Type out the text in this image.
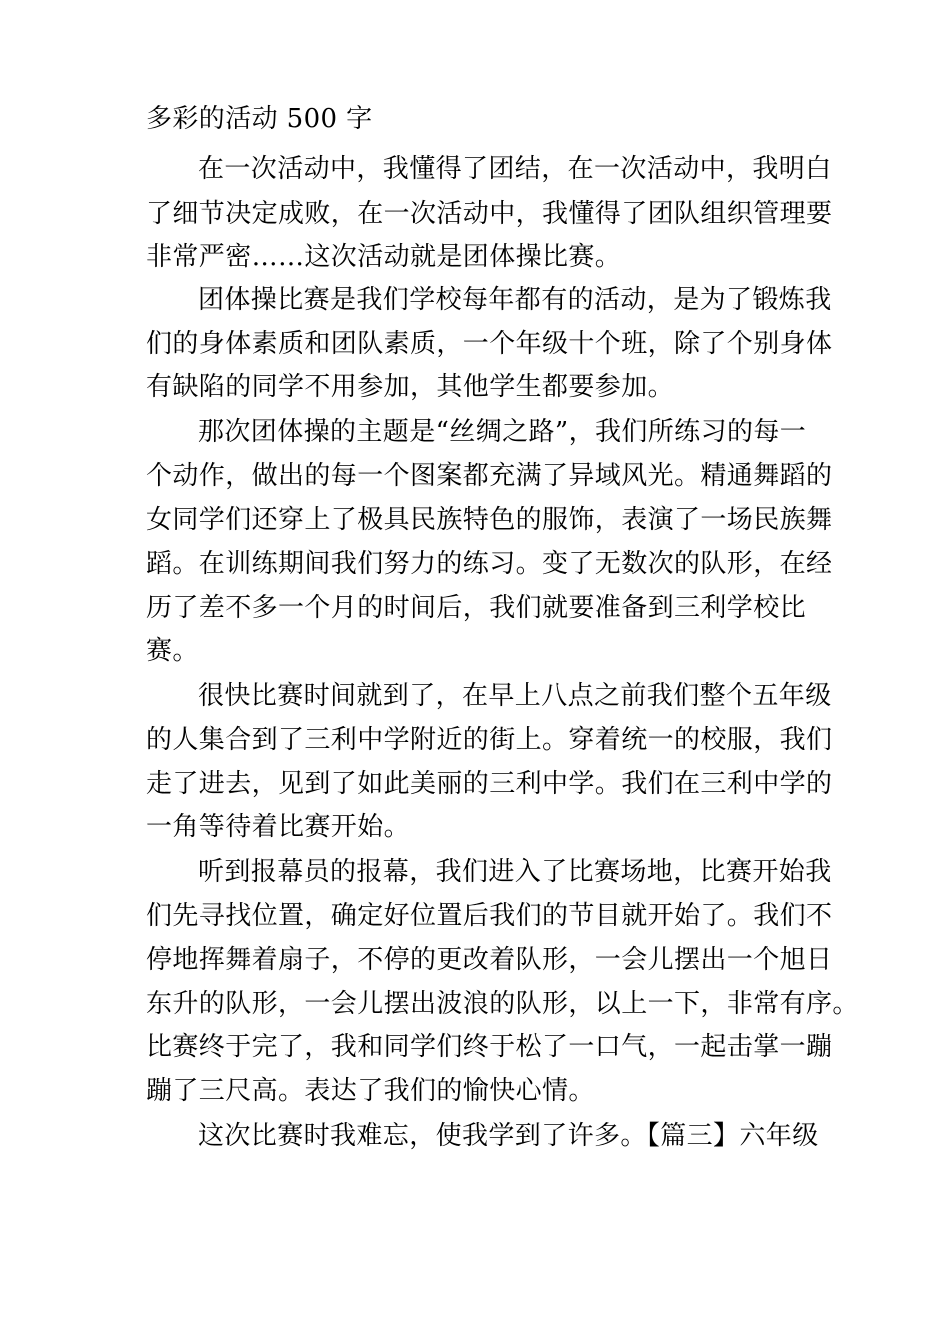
多彩的活动 500 字
在一次活动中，我懂得了团结，在一次活动中，我明白
了细节决定成败，在一次活动中，我懂得了团队组织管理要
非常严密……这次活动就是团体操比赛。
团体操比赛是我们学校每年都有的活动，是为了锻炼我
们的身体素质和团队素质，一个年级十个班，除了个别身体
有缺陷的同学不用参加，其他学生都要参加。
那次团体操的主题是“丝绸之路”，我们所练习的每一
个动作，做出的每一个图案都充满了异域风光。精通舞蹈的
女同学们还穿上了极具民族特色的服饰，表演了一场民族舞
蹈。在训练期间我们努力的练习。变了无数次的队形，在经
历了差不多一个月的时间后，我们就要准备到三利学校比
赛。
很快比赛时间就到了，在早上八点之前我们整个五年级
的人集合到了三利中学附近的街上。穿着统一的校服，我们
走了进去，见到了如此美丽的三利中学。我们在三利中学的
一角等待着比赛开始。
听到报幕员的报幕，我们进入了比赛场地，比赛开始我
们先寻找位置，确定好位置后我们的节目就开始了。我们不
停地挥舞着扇子，不停的更改着队形，一会儿摆出一个旭日
东升的队形，一会儿摆出波浪的队形，以上一下，非常有序。
比赛终于完了，我和同学们终于松了一口气，一起击掌一蹦
蹦了三尺高。表达了我们的愉快心情。
这次比赛时我难忘，使我学到了许多。【篇三】六年级
